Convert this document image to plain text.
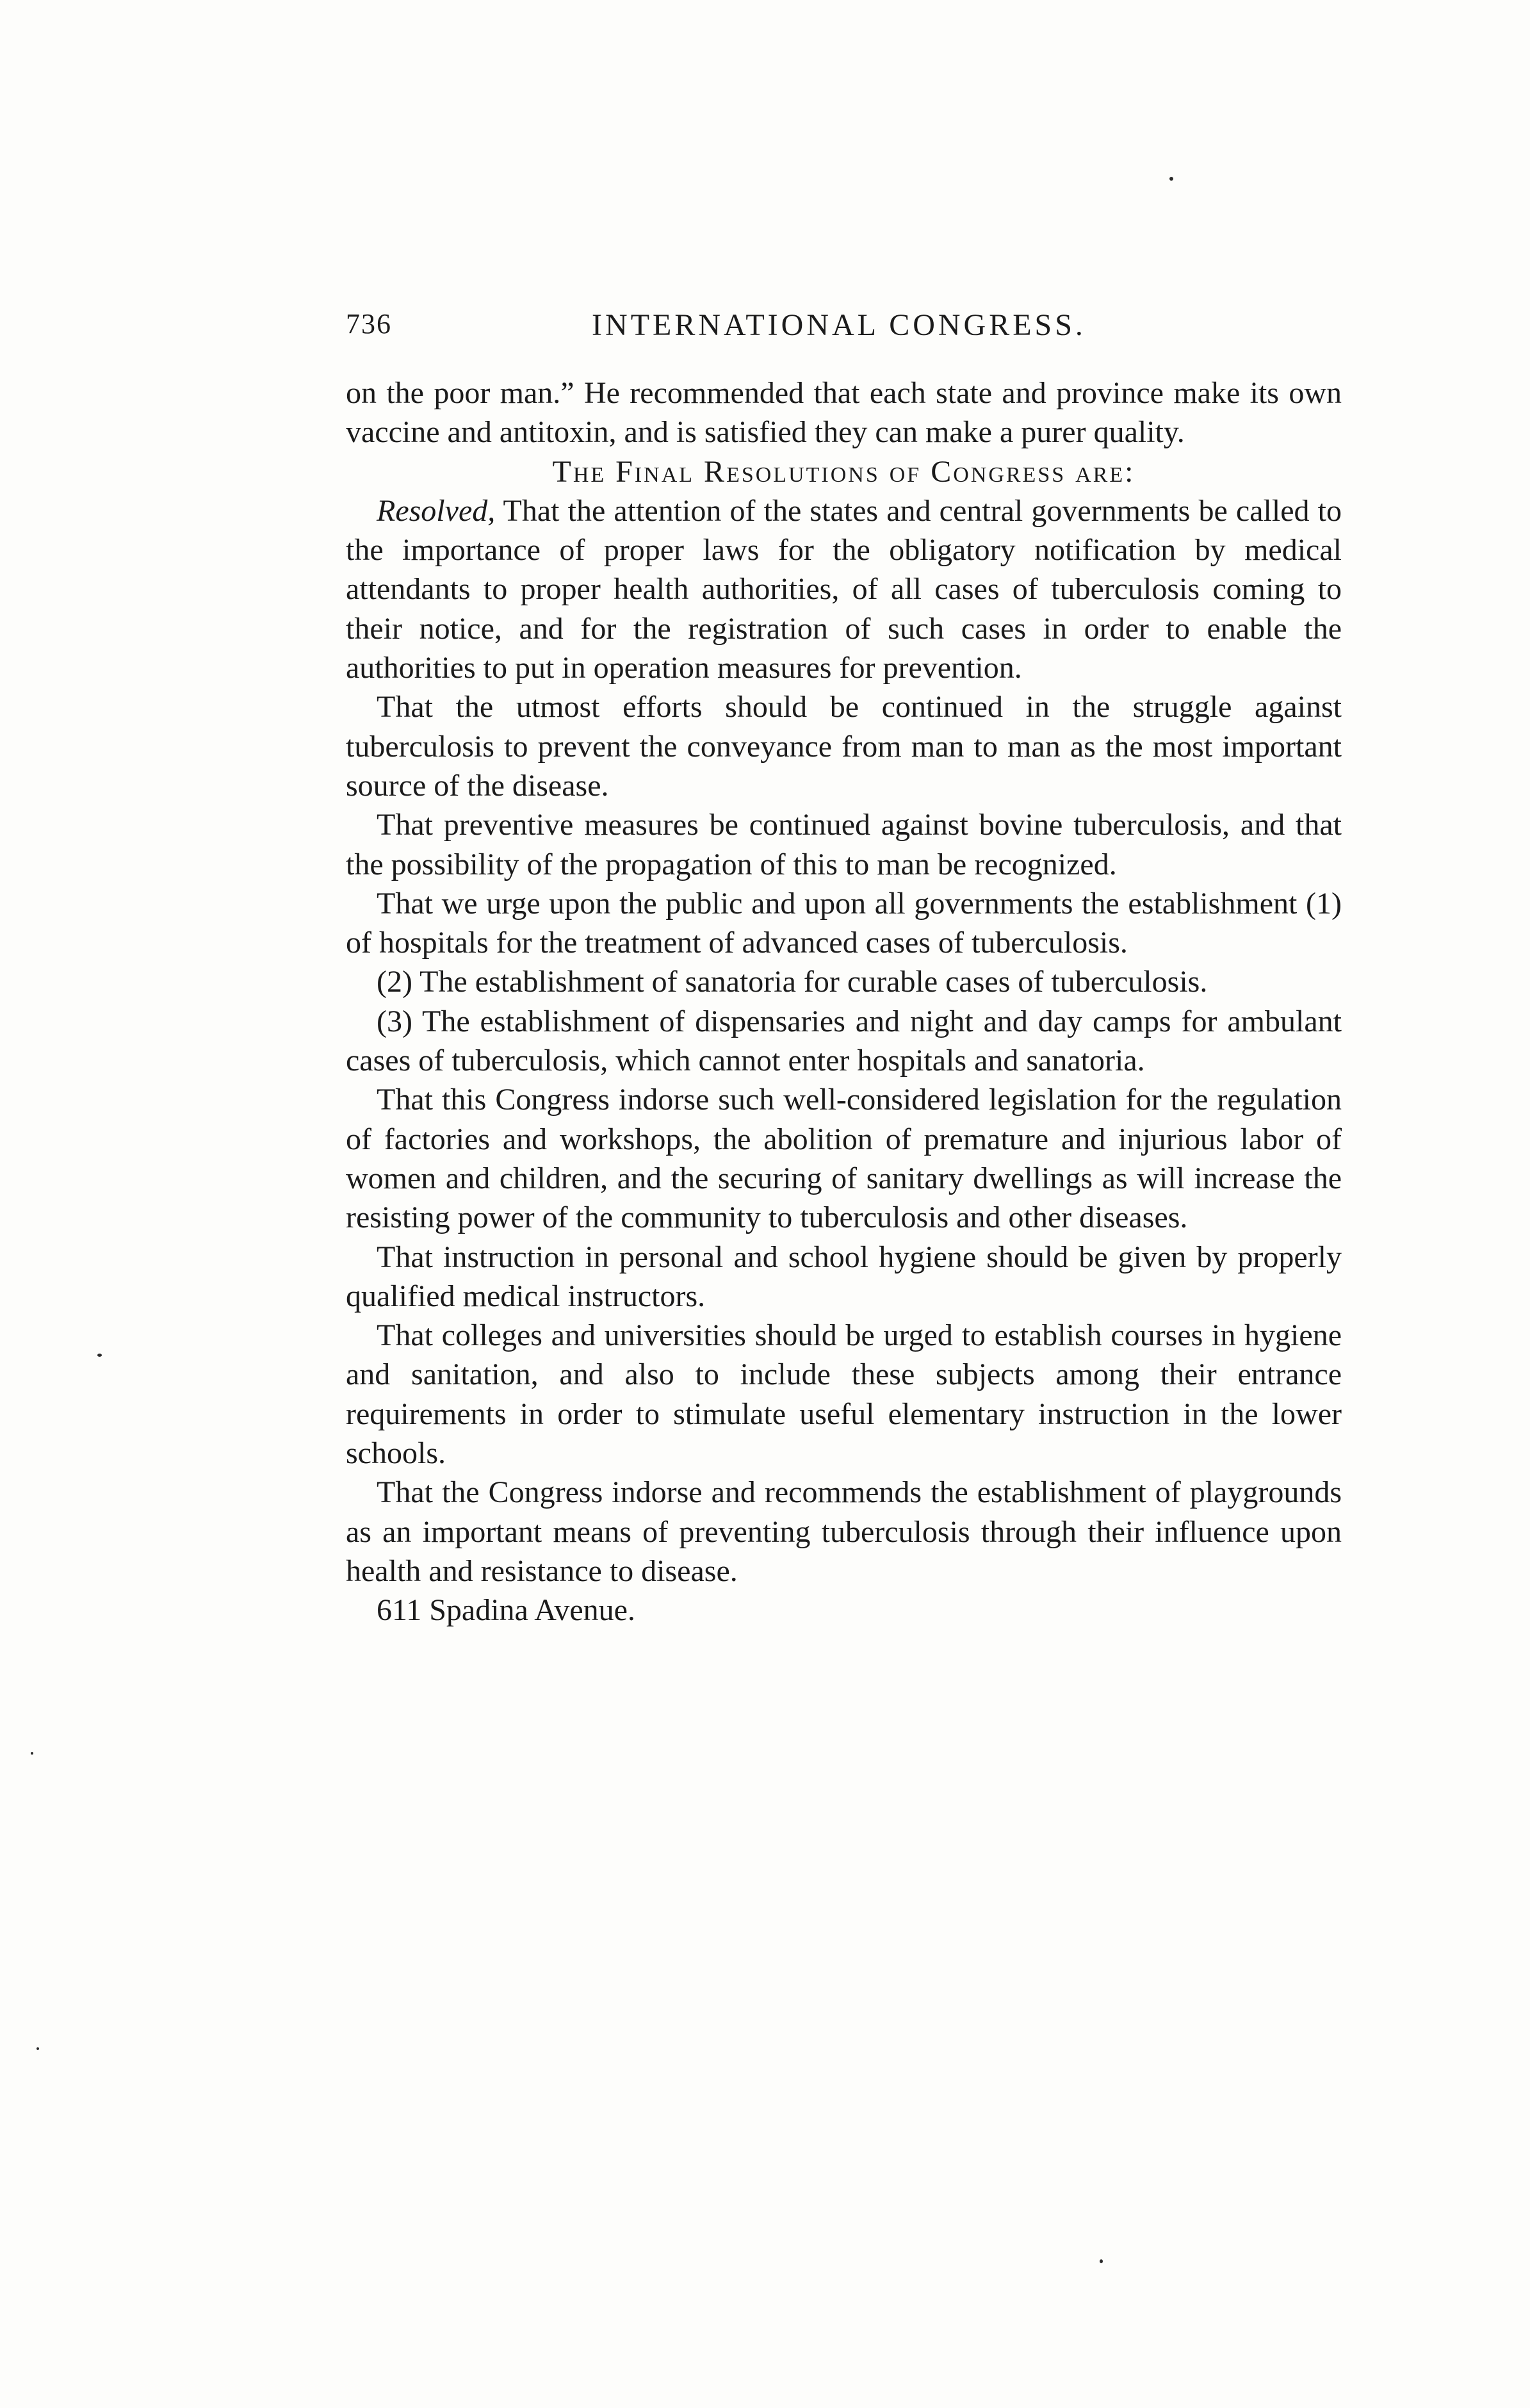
736	INTERNATIONAL CONGRESS.

on the poor man.” He recommended that each state and province make its own vaccine and antitoxin, and is satisfied they can make a purer quality.

The Final Resolutions of Congress are:

Resolved, That the attention of the states and central governments be called to the importance of proper laws for the obligatory notification by medical attendants to proper health authorities, of all cases of tuberculosis coming to their notice, and for the registration of such cases in order to enable the authorities to put in operation measures for prevention.

That the utmost efforts should be continued in the struggle against tuberculosis to prevent the conveyance from man to man as the most important source of the disease.

That preventive measures be continued against bovine tuberculosis, and that the possibility of the propagation of this to man be recognized.

That we urge upon the public and upon all governments the establishment (1) of hospitals for the treatment of advanced cases of tuberculosis.

(2) The establishment of sanatoria for curable cases of tuberculosis.

(3) The establishment of dispensaries and night and day camps for ambulant cases of tuberculosis, which cannot enter hospitals and sanatoria.

That this Congress indorse such well-considered legislation for the regulation of factories and workshops, the abolition of premature and injurious labor of women and children, and the securing of sanitary dwellings as will increase the resisting power of the community to tuberculosis and other diseases.

That instruction in personal and school hygiene should be given by properly qualified medical instructors.

That colleges and universities should be urged to establish courses in hygiene and sanitation, and also to include these subjects among their entrance requirements in order to stimulate useful elementary instruction in the lower schools.

That the Congress indorse and recommends the establishment of playgrounds as an important means of preventing tuberculosis through their influence upon health and resistance to disease.

611 Spadina Avenue.
